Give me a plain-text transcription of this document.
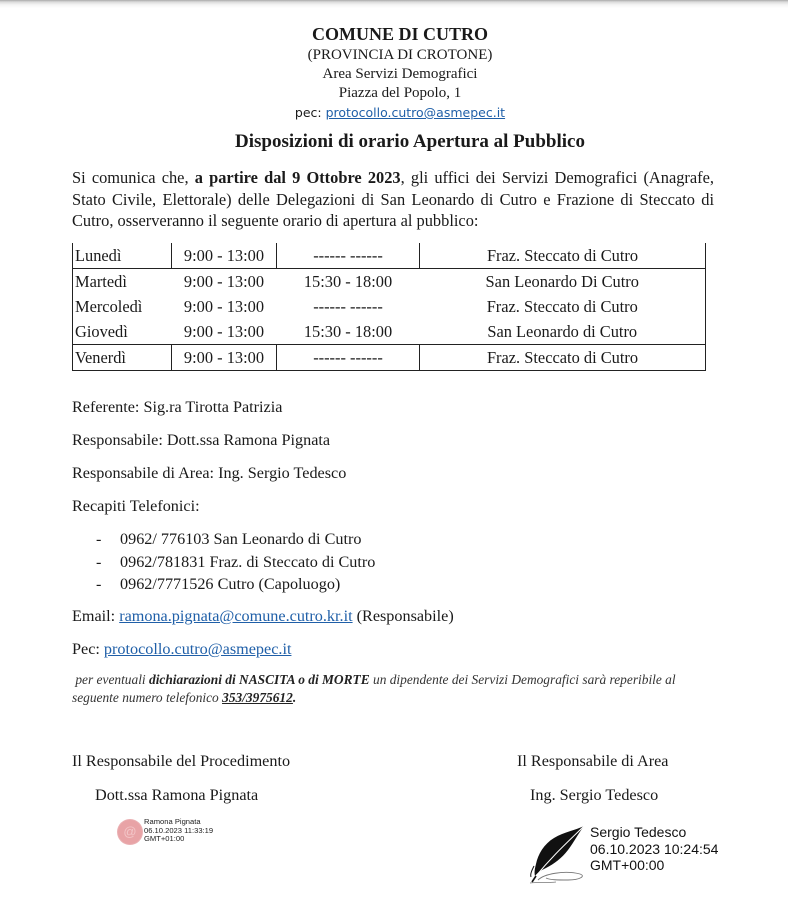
COMUNE DI CUTRO
(PROVINCIA DI CROTONE)
Area Servizi Demografici
Piazza del Popolo, 1
pec: protocollo.cutro@asmepec.it
Disposizioni di orario Apertura al Pubblico
Si comunica che, a partire dal 9 Ottobre 2023, gli uffici dei Servizi Demografici (Anagrafe, Stato Civile, Elettorale) delle Delegazioni di San Leonardo di Cutro e Frazione di Steccato di Cutro, osserveranno il seguente orario di apertura al pubblico:
Lunedì	9:00 - 13:00	------ ------	Fraz. Steccato di Cutro
Martedì	9:00 - 13:00	15:30 - 18:00	San Leonardo Di Cutro
Mercoledì	9:00 - 13:00	------ ------	Fraz. Steccato di Cutro
Giovedì	9:00 - 13:00	15:30 - 18:00	San Leonardo di Cutro
Venerdì	9:00 - 13:00	------ ------	Fraz. Steccato di Cutro
Referente: Sig.ra Tirotta Patrizia
Responsabile: Dott.ssa Ramona Pignata
Responsabile di Area: Ing. Sergio Tedesco
Recapiti Telefonici:
- 0962/ 776103 San Leonardo di Cutro
- 0962/781831 Fraz. di Steccato di Cutro
- 0962/7771526 Cutro (Capoluogo)
Email: ramona.pignata@comune.cutro.kr.it (Responsabile)
Pec: protocollo.cutro@asmepec.it
per eventuali dichiarazioni di NASCITA o di MORTE un dipendente dei Servizi Demografici sarà reperibile al seguente numero telefonico 353/3975612.
Il Responsabile del Procedimento
Dott.ssa Ramona Pignata
@
Ramona Pignata
06.10.2023 11:33:19
GMT+01:00
Il Responsabile di Area
Ing. Sergio Tedesco
Sergio Tedesco
06.10.2023 10:24:54
GMT+00:00
